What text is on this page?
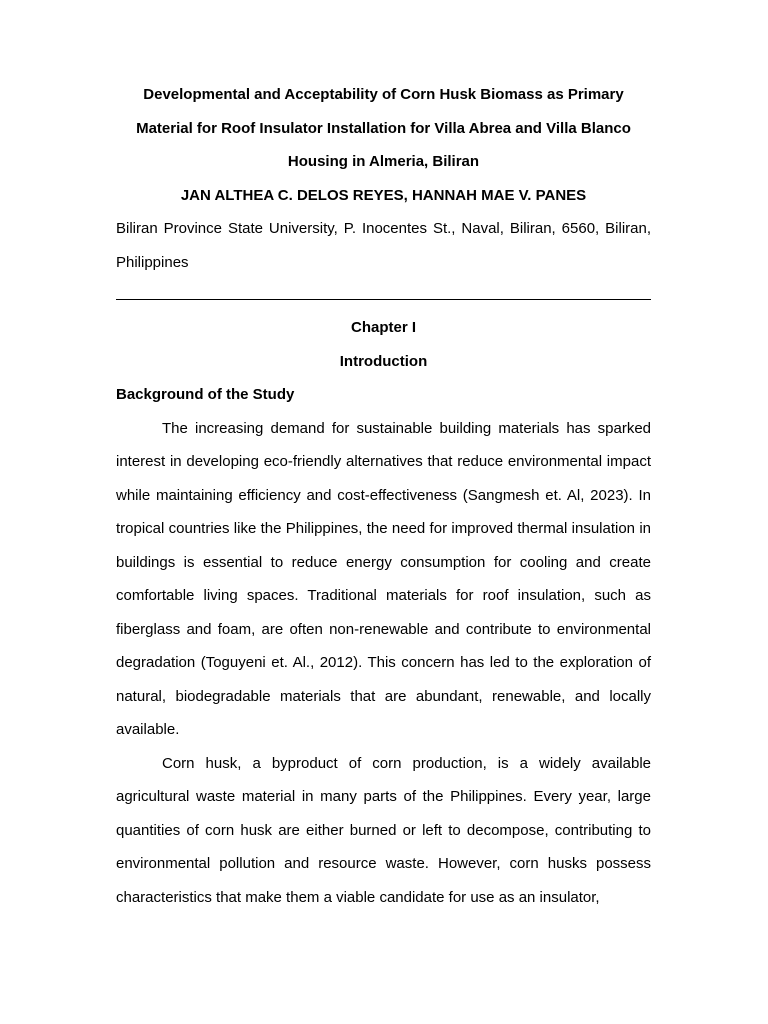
Developmental and Acceptability of Corn Husk Biomass as Primary Material for Roof Insulator Installation for Villa Abrea and Villa Blanco Housing in Almeria, Biliran

JAN ALTHEA C. DELOS REYES, HANNAH MAE V. PANES

Biliran Province State University, P. Inocentes St., Naval, Biliran, 6560, Biliran, Philippines

Chapter I

Introduction

Background of the Study

The increasing demand for sustainable building materials has sparked interest in developing eco-friendly alternatives that reduce environmental impact while maintaining efficiency and cost-effectiveness (Sangmesh et. Al, 2023). In tropical countries like the Philippines, the need for improved thermal insulation in buildings is essential to reduce energy consumption for cooling and create comfortable living spaces. Traditional materials for roof insulation, such as fiberglass and foam, are often non-renewable and contribute to environmental degradation (Toguyeni et. Al., 2012). This concern has led to the exploration of natural, biodegradable materials that are abundant, renewable, and locally available.

Corn husk, a byproduct of corn production, is a widely available agricultural waste material in many parts of the Philippines. Every year, large quantities of corn husk are either burned or left to decompose, contributing to environmental pollution and resource waste. However, corn husks possess characteristics that make them a viable candidate for use as an insulator,
